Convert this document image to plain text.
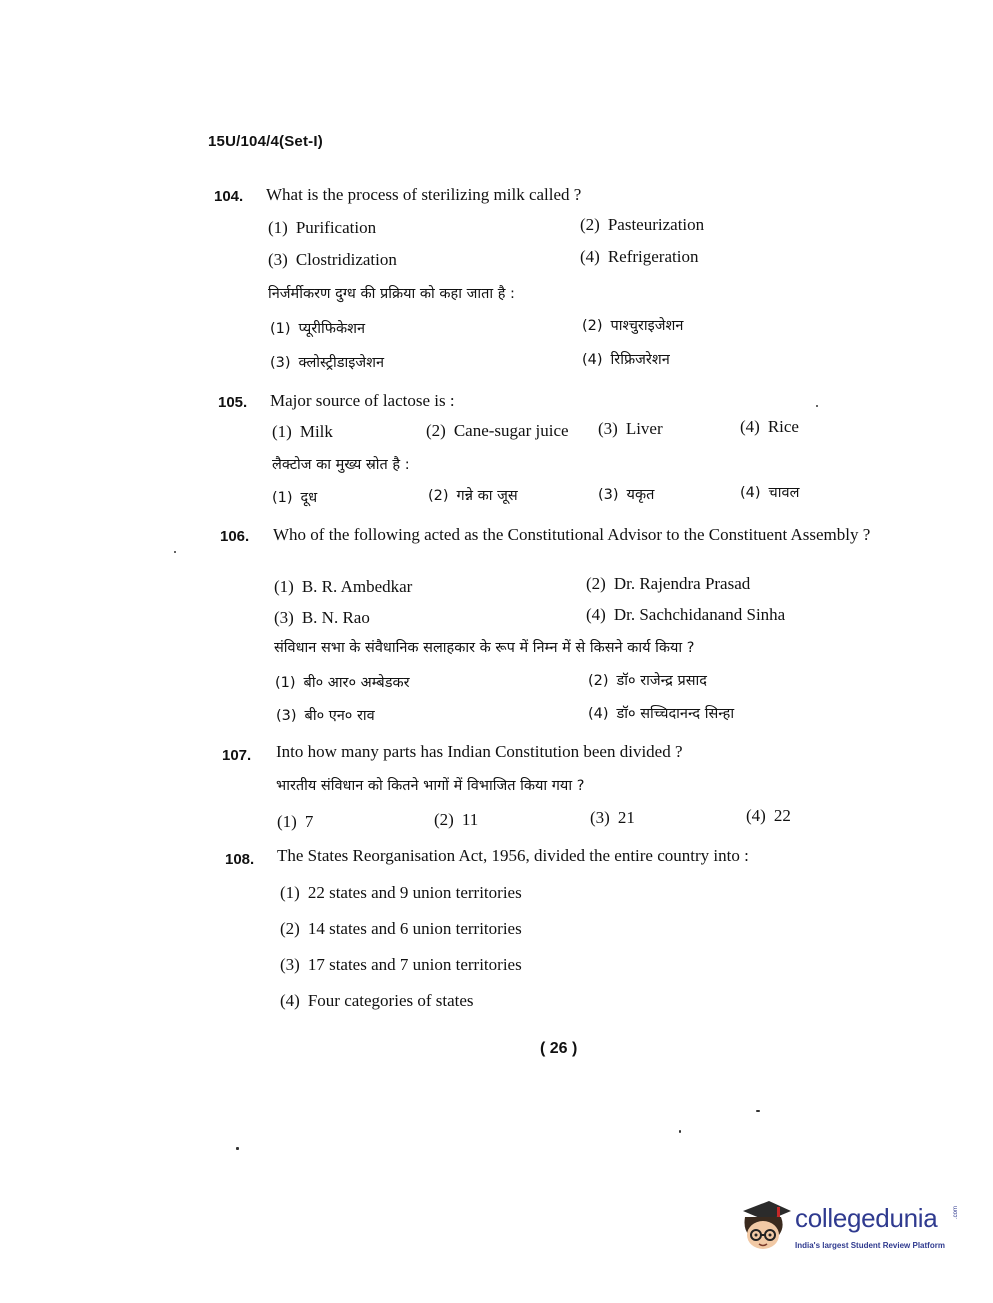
15U/104/4(Set-I)
104. What is the process of sterilizing milk called ?
(1) Purification	(2) Pasteurization
(3) Clostridization	(4) Refrigeration
निर्जर्मीकरण दुग्ध की प्रक्रिया को कहा जाता है :
(1) प्यूरीफिकेशन	(2) पाश्चुराइजेशन
(3) क्लोस्ट्रीडाइजेशन	(4) रिफ्रिजरेशन
105. Major source of lactose is :
(1) Milk	(2) Cane-sugar juice (3) Liver	(4) Rice
लैक्टोज का मुख्य स्रोत है :
(1) दूध	(2) गन्ने का जूस	(3) यकृत	(4) चावल
106. Who of the following acted as the Constitutional Advisor to the Constituent Assembly ?
(1) B. R. Ambedkar	(2) Dr. Rajendra Prasad
(3) B. N. Rao	(4) Dr. Sachchidanand Sinha
संविधान सभा के संवैधानिक सलाहकार के रूप में निम्न में से किसने कार्य किया ?
(1) बी० आर० अम्बेडकर	(2) डॉ० राजेन्द्र प्रसाद
(3) बी० एन० राव	(4) डॉ० सच्चिदानन्द सिन्हा
107. Into how many parts has Indian Constitution been divided ?
भारतीय संविधान को कितने भागों में विभाजित किया गया ?
(1) 7	(2) 11	(3) 21	(4) 22
108. The States Reorganisation Act, 1956, divided the entire country into :
(1) 22 states and 9 union territories
(2) 14 states and 6 union territories
(3) 17 states and 7 union territories
(4) Four categories of states
( 26 )
collegedunia	.com
India's largest Student Review Platform
